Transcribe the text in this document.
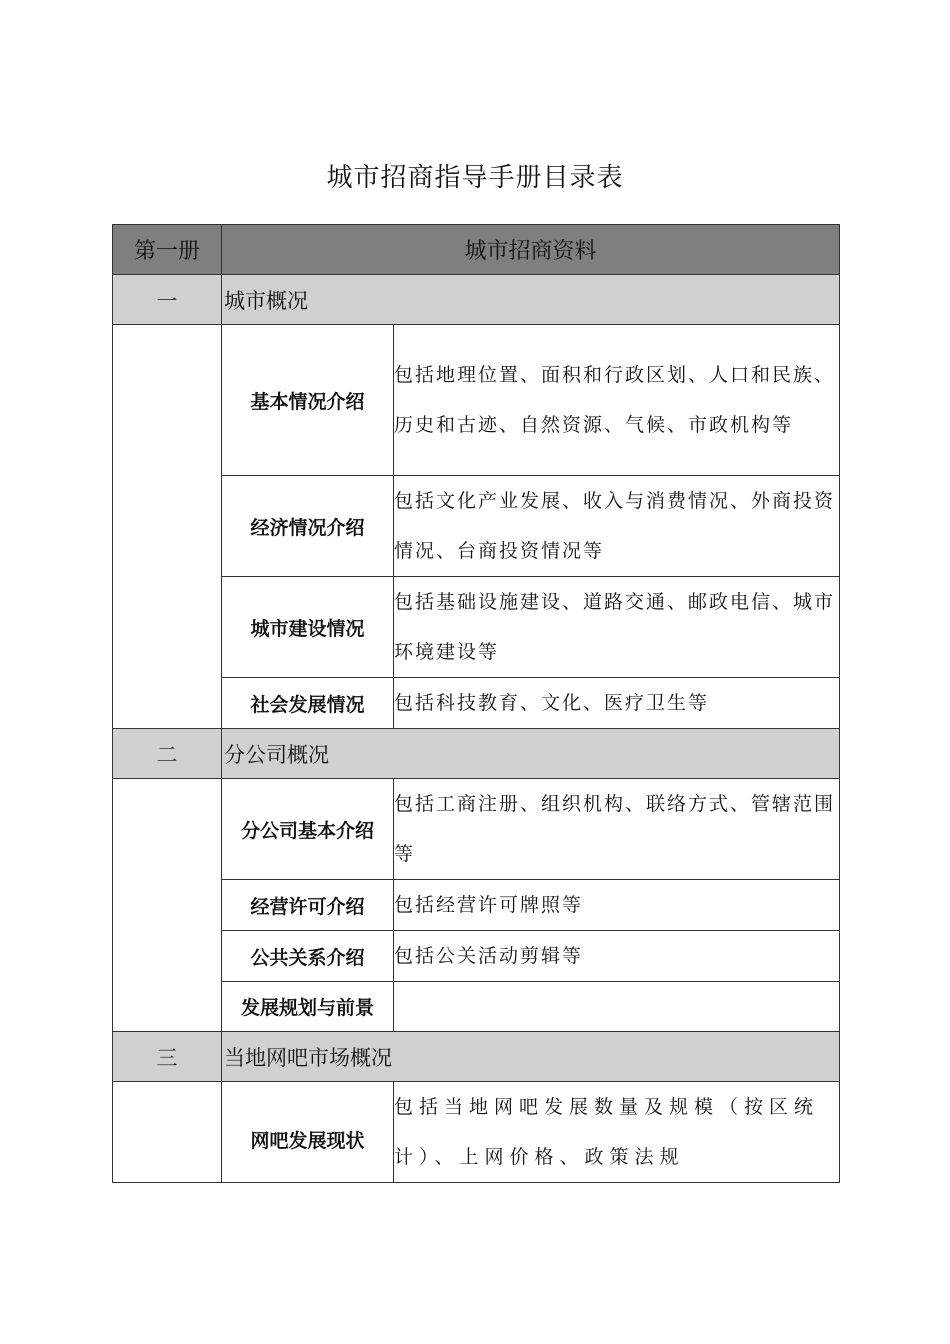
城市招商指导手册目录表
第一册	城市招商资料	
一	城市概况	
	基本情况介绍	包括地理位置、面积和行政区划、人口和民族、历史和古迹、自然资源、气候、市政机构等
	经济情况介绍	包括文化产业发展、收入与消费情况、外商投资情况、台商投资情况等
	城市建设情况	包括基础设施建设、道路交通、邮政电信、城市环境建设等
	社会发展情况	包括科技教育、文化、医疗卫生等
二	分公司概况	
	分公司基本介绍	包括工商注册、组织机构、联络方式、管辖范围等
	经营许可介绍	包括经营许可牌照等
	公共关系介绍	包括公关活动剪辑等
	发展规划与前景	
三	当地网吧市场概况	
	网吧发展现状	包括当地网吧发展数量及规模（按区统计）、上网价格、政策法规
